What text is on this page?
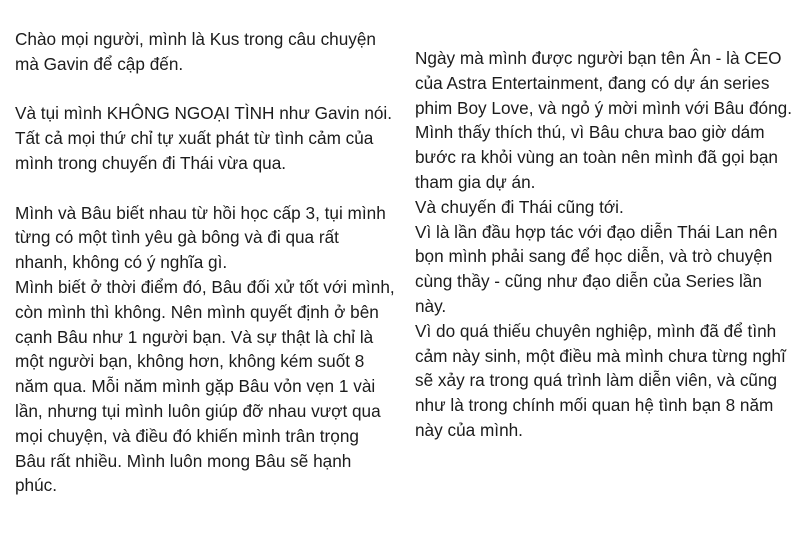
Chào mọi người, mình là Kus trong câu chuyện
mà Gavin để cập đến.
Và tụi mình KHÔNG NGOẠI TÌNH như Gavin nói.
Tất cả mọi thứ chỉ tự xuất phát từ tình cảm của
mình trong chuyến đi Thái vừa qua.
Mình và Bâu biết nhau từ hồi học cấp 3, tụi mình
từng có một tình yêu gà bông và đi qua rất
nhanh, không có ý nghĩa gì.
Mình biết ở thời điểm đó, Bâu đối xử tốt với mình,
còn mình thì không. Nên mình quyết định ở bên
cạnh Bâu như 1 người bạn. Và sự thật là chỉ là
một người bạn, không hơn, không kém suốt 8
năm qua. Mỗi năm mình gặp Bâu vỏn vẹn 1 vài
lần, nhưng tụi mình luôn giúp đỡ nhau vượt qua
mọi chuyện, và điều đó khiến mình trân trọng
Bâu rất nhiều. Mình luôn mong Bâu sẽ hạnh
phúc.
Ngày mà mình được người bạn tên Ân - là CEO
của Astra Entertainment, đang có dự án series
phim Boy Love, và ngỏ ý mời mình với Bâu đóng.
Mình thấy thích thú, vì Bâu chưa bao giờ dám
bước ra khỏi vùng an toàn nên mình đã gọi bạn
tham gia dự án.
Và chuyến đi Thái cũng tới.
Vì là lần đầu hợp tác với đạo diễn Thái Lan nên
bọn mình phải sang để học diễn, và trò chuyện
cùng thầy - cũng như đạo diễn của Series lần
này.
Vì do quá thiếu chuyên nghiệp, mình đã để tình
cảm này sinh, một điều mà mình chưa từng nghĩ
sẽ xảy ra trong quá trình làm diễn viên, và cũng
như là trong chính mối quan hệ tình bạn 8 năm
này của mình.
